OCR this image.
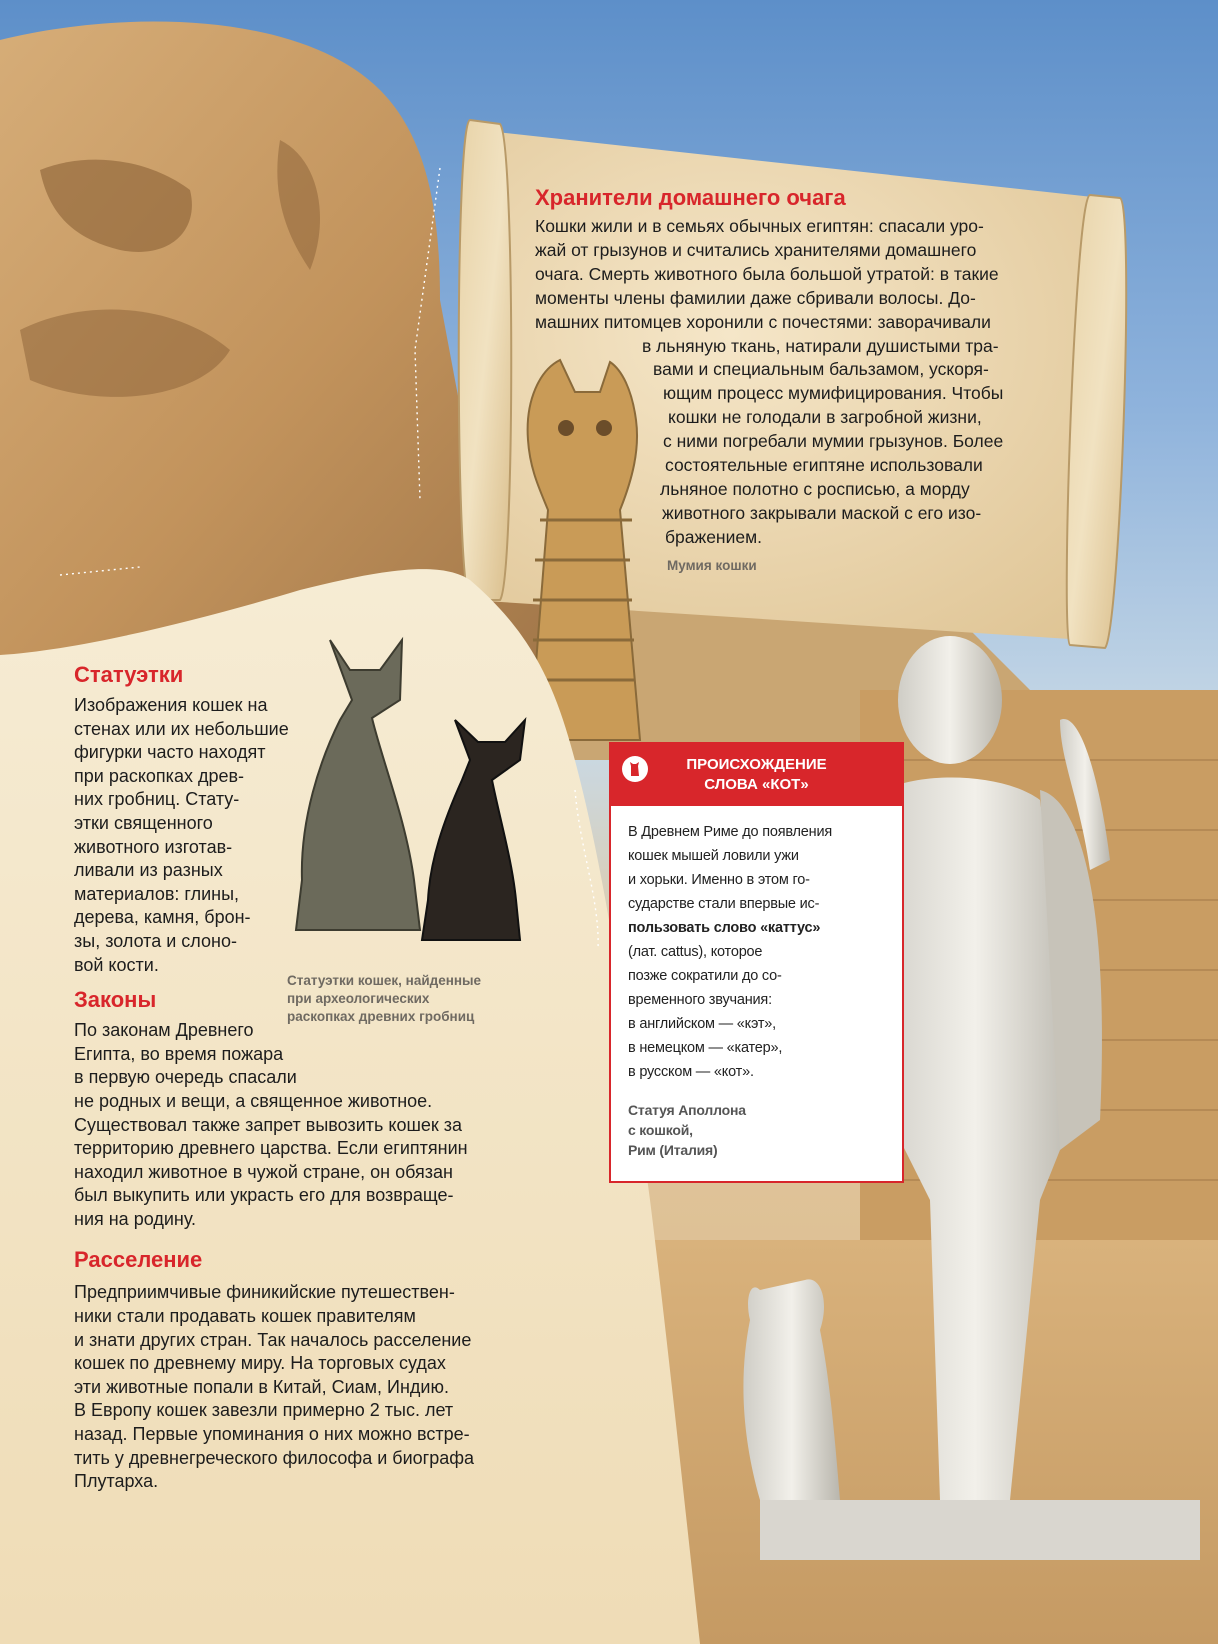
Хранители домашнего очага

Кошки жили и в семьях обычных египтян: спасали уро-
жай от грызунов и считались хранителями домашнего
очага. Смерть животного была большой утратой: в такие
моменты члены фамилии даже сбривали волосы. До-
машних питомцев хоронили с почестями: заворачивали
в льняную ткань, натирали душистыми тра-
вами и специальным бальзамом, ускоря-
ющим процесс мумифицирования. Чтобы
кошки не голодали в загробной жизни,
с ними погребали мумии грызунов. Более
состоятельные египтяне использовали
льняное полотно с росписью, а морду
животного закрывали маской с его изо-
бражением.

Мумия кошки

Статуэтки

Изображения кошек на
стенах или их небольшие
фигурки часто находят
при раскопках древ-
них гробниц. Стату-
этки священного
животного изготав-
ливали из разных
материалов: глины,
дерева, камня, брон-
зы, золота и слоно-
вой кости.

Законы

По законам Древнего
Египта, во время пожара
в первую очередь спасали
не родных и вещи, а священное животное.
Существовал также запрет вывозить кошек за
территорию древнего царства. Если египтянин
находил животное в чужой стране, он обязан
был выкупить или украсть его для возвраще-
ния на родину.

Расселение

Предприимчивые финикийские путешествен-
ники стали продавать кошек правителям
и знати других стран. Так началось расселение
кошек по древнему миру. На торговых судах
эти животные попали в Китай, Сиам, Индию.
В Европу кошек завезли примерно 2 тыс. лет
назад. Первые упоминания о них можно встре-
тить у древнегреческого философа и биографа
Плутарха.

Статуэтки кошек, найденные
при археологических
раскопках древних гробниц
ПРОИСХОЖДЕНИЕ
СЛОВА «КОТ»
В Древнем Риме до появления
кошек мышей ловили ужи
и хорьки. Именно в этом го-
сударстве стали впервые ис-
пользовать слово «каттус»
(лат. cattus), которое
позже сократили до со-
временного звучания:
в английском — «кэт»,
в немецком — «катер»,
в русском — «кот».
Статуя Аполлона
с кошкой,
Рим (Италия)
